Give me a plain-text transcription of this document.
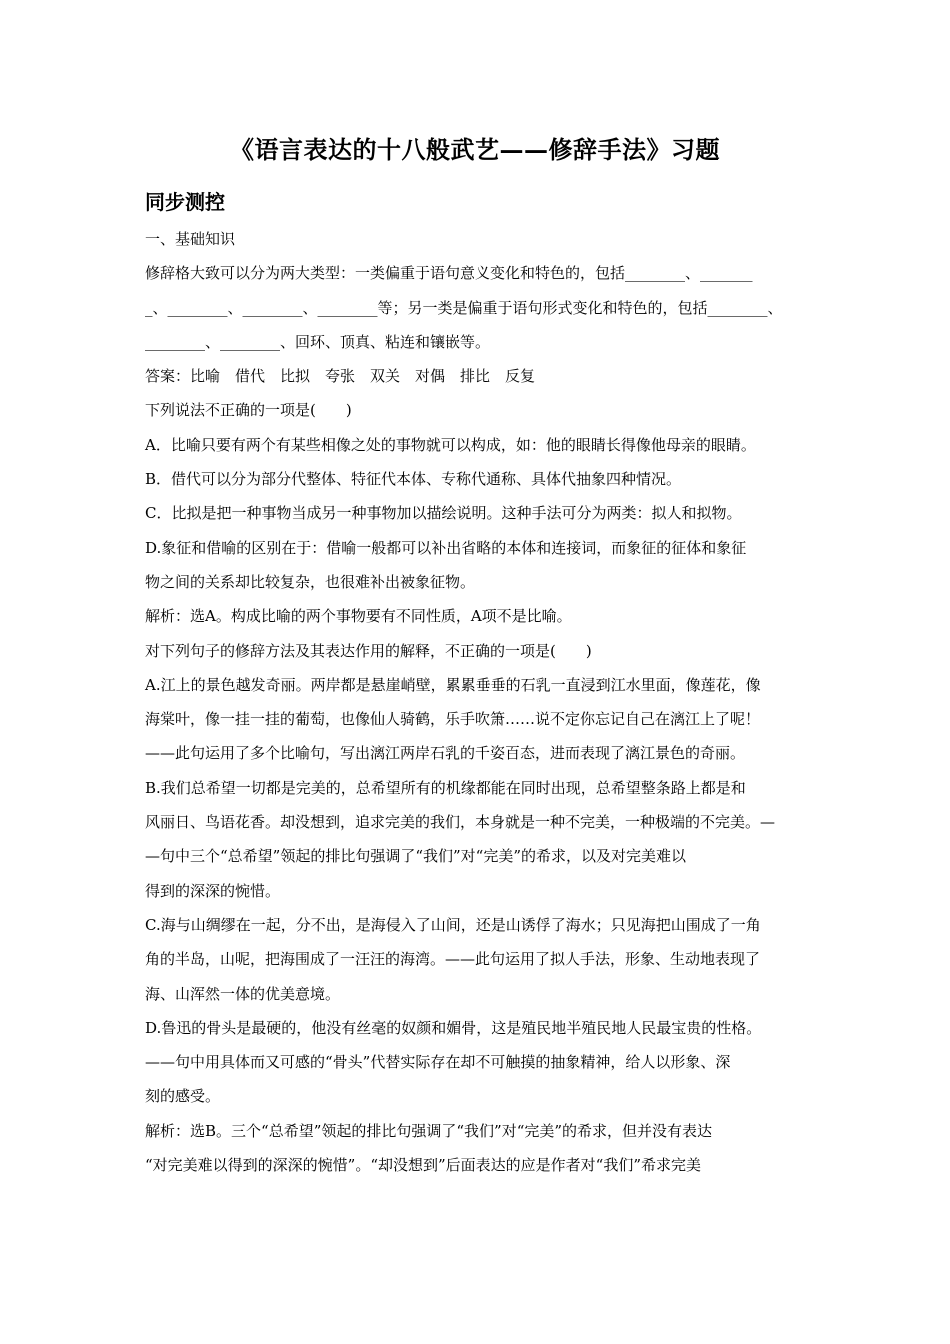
《语言表达的十八般武艺——修辞手法》习题
同步测控

一、基础知识

修辞格大致可以分为两大类型：一类偏重于语句意义变化和特色的，包括________、_______

_、________、________、________等；另一类是偏重于语句形式变化和特色的，包括________、

________、________、回环、顶真、粘连和镶嵌等。

答案：比喻　借代　比拟　夸张　双关　对偶　排比　反复

下列说法不正确的一项是(　　)

A．比喻只要有两个有某些相像之处的事物就可以构成，如：他的眼睛长得像他母亲的眼睛。

B．借代可以分为部分代整体、特征代本体、专称代通称、具体代抽象四种情况。

C．比拟是把一种事物当成另一种事物加以描绘说明。这种手法可分为两类：拟人和拟物。

D.象征和借喻的区别在于：借喻一般都可以补出省略的本体和连接词，而象征的征体和象征

物之间的关系却比较复杂，也很难补出被象征物。

解析：选A。构成比喻的两个事物要有不同性质，A项不是比喻。

对下列句子的修辞方法及其表达作用的解释，不正确的一项是(　　)

A.江上的景色越发奇丽。两岸都是悬崖峭壁，累累垂垂的石乳一直浸到江水里面，像莲花，像

海棠叶，像一挂一挂的葡萄，也像仙人骑鹤，乐手吹箫……说不定你忘记自己在漓江上了呢！

——此句运用了多个比喻句，写出漓江两岸石乳的千姿百态，进而表现了漓江景色的奇丽。

B.我们总希望一切都是完美的，总希望所有的机缘都能在同时出现，总希望整条路上都是和

风丽日、鸟语花香。却没想到，追求完美的我们，本身就是一种不完美，一种极端的不完美。—

—句中三个“总希望”领起的排比句强调了“我们”对“完美”的希求，以及对完美难以

得到的深深的惋惜。

C.海与山绸缪在一起，分不出，是海侵入了山间，还是山诱俘了海水；只见海把山围成了一角

角的半岛，山呢，把海围成了一汪汪的海湾。——此句运用了拟人手法，形象、生动地表现了

海、山浑然一体的优美意境。

D.鲁迅的骨头是最硬的，他没有丝毫的奴颜和媚骨，这是殖民地半殖民地人民最宝贵的性格。

——句中用具体而又可感的“骨头”代替实际存在却不可触摸的抽象精神，给人以形象、深

刻的感受。

解析：选B。三个“总希望”领起的排比句强调了“我们”对“完美”的希求，但并没有表达

“对完美难以得到的深深的惋惜”。“却没想到”后面表达的应是作者对“我们”希求完美
